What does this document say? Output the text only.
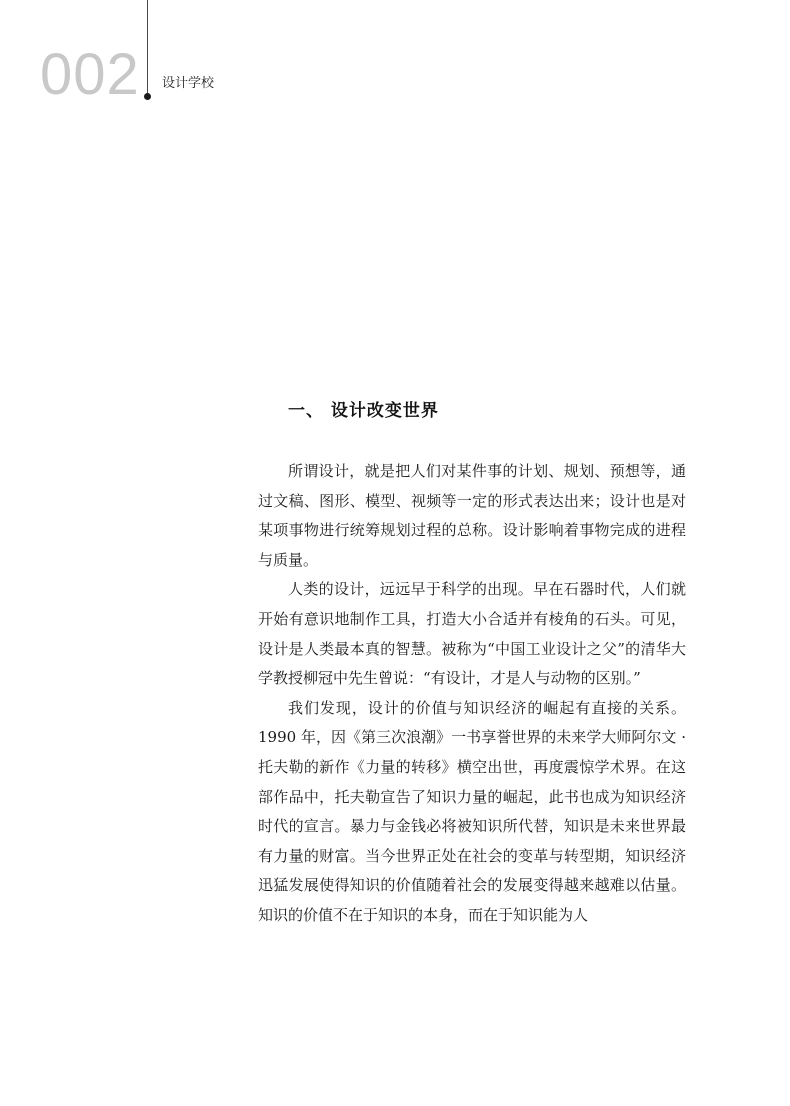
002 设计学校
一、 设计改变世界

所谓设计，就是把人们对某件事的计划、规划、预想等，通过文稿、图形、模型、视频等一定的形式表达出来；设计也是对某项事物进行统筹规划过程的总称。设计影响着事物完成的进程与质量。

人类的设计，远远早于科学的出现。早在石器时代，人们就开始有意识地制作工具，打造大小合适并有棱角的石头。可见，设计是人类最本真的智慧。被称为“中国工业设计之父”的清华大学教授柳冠中先生曾说：“有设计，才是人与动物的区别。”

我们发现，设计的价值与知识经济的崛起有直接的关系。1990 年，因《第三次浪潮》一书享誉世界的未来学大师阿尔文 · 托夫勒的新作《力量的转移》横空出世，再度震惊学术界。在这部作品中，托夫勒宣告了知识力量的崛起，此书也成为知识经济时代的宣言。暴力与金钱必将被知识所代替，知识是未来世界最有力量的财富。当今世界正处在社会的变革与转型期，知识经济迅猛发展使得知识的价值随着社会的发展变得越来越难以估量。知识的价值不在于知识的本身，而在于知识能为人
